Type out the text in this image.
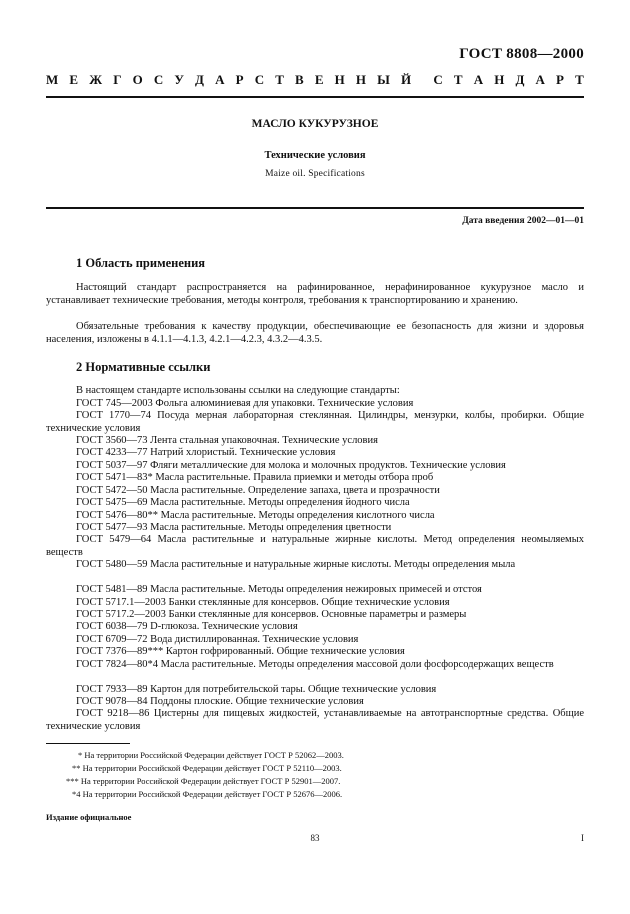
ГОСТ 8808—2000
М Е Ж Г О С У Д А Р С Т В Е Н Н Ы Й С Т А Н Д А Р Т
МАСЛО КУКУРУЗНОЕ
Технические условия
Maize oil. Specifications
Дата введения 2002—01—01
1 Область применения
Настоящий стандарт распространяется на рафинированное, нерафинированное кукурузное масло и устанавливает технические требования, методы контроля, требования к транспортированию и хранению.
Обязательные требования к качеству продукции, обеспечивающие ее безопасность для жизни и здоровья населения, изложены в 4.1.1—4.1.3, 4.2.1—4.2.3, 4.3.2—4.3.5.
2 Нормативные ссылки
В настоящем стандарте использованы ссылки на следующие стандарты:
ГОСТ 745—2003 Фольга алюминиевая для упаковки. Технические условия
ГОСТ 1770—74 Посуда мерная лабораторная стеклянная. Цилиндры, мензурки, колбы, пробирки. Общие технические условия
ГОСТ 3560—73 Лента стальная упаковочная. Технические условия
ГОСТ 4233—77 Натрий хлористый. Технические условия
ГОСТ 5037—97 Фляги металлические для молока и молочных продуктов. Технические условия
ГОСТ 5471—83* Масла растительные. Правила приемки и методы отбора проб
ГОСТ 5472—50 Масла растительные. Определение запаха, цвета и прозрачности
ГОСТ 5475—69 Масла растительные. Методы определения йодного числа
ГОСТ 5476—80** Масла растительные. Методы определения кислотного числа
ГОСТ 5477—93 Масла растительные. Методы определения цветности
ГОСТ 5479—64 Масла растительные и натуральные жирные кислоты. Метод определения неомыляемых веществ
ГОСТ 5480—59 Масла растительные и натуральные жирные кислоты. Методы определения мыла
ГОСТ 5481—89 Масла растительные. Методы определения нежировых примесей и отстоя
ГОСТ 5717.1—2003 Банки стеклянные для консервов. Общие технические условия
ГОСТ 5717.2—2003 Банки стеклянные для консервов. Основные параметры и размеры
ГОСТ 6038—79 D-глюкоза. Технические условия
ГОСТ 6709—72 Вода дистиллированная. Технические условия
ГОСТ 7376—89*** Картон гофрированный. Общие технические условия
ГОСТ 7824—80*4 Масла растительные. Методы определения массовой доли фосфорсодержащих веществ
ГОСТ 7933—89 Картон для потребительской тары. Общие технические условия
ГОСТ 9078—84 Поддоны плоские. Общие технические условия
ГОСТ 9218—86 Цистерны для пищевых жидкостей, устанавливаемые на автотранспортные средства. Общие технические условия
* На территории Российской Федерации действует ГОСТ Р 52062—2003.
** На территории Российской Федерации действует ГОСТ Р 52110—2003.
*** На территории Российской Федерации действует ГОСТ Р 52901—2007.
*4 На территории Российской Федерации действует ГОСТ Р 52676—2006.
Издание официальное
83	I
